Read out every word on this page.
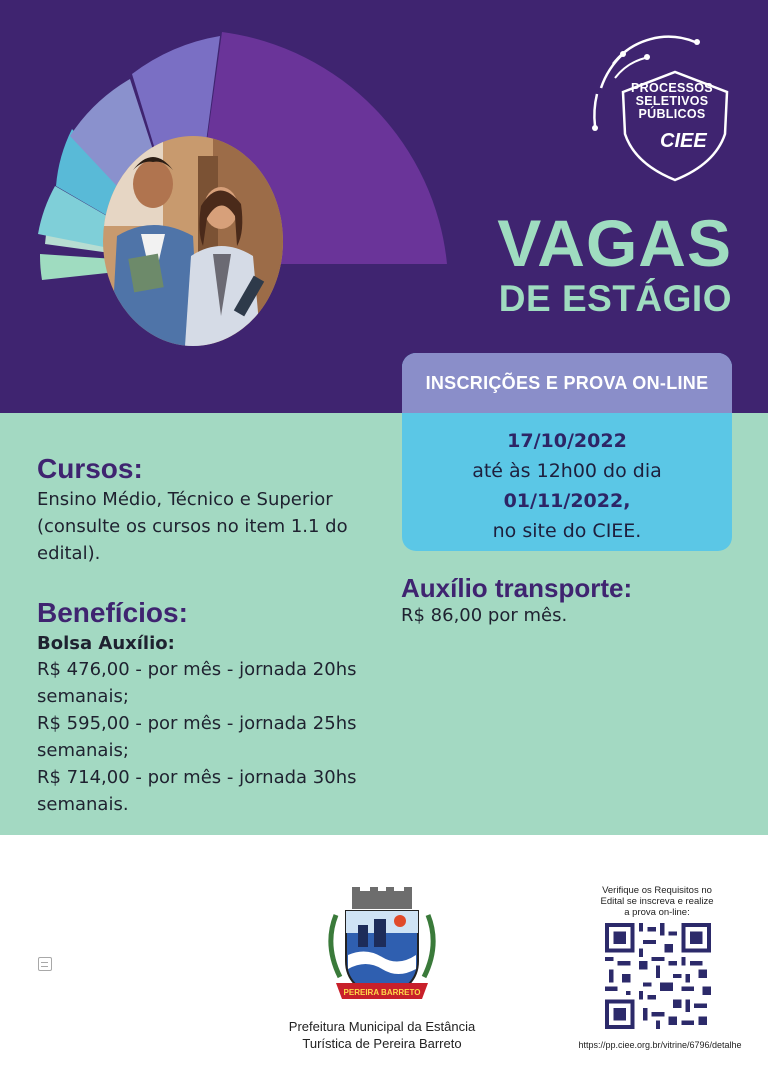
PROCESSOS
SELETIVOS
PÚBLICOS
CIEE
VAGAS
DE ESTÁGIO
INSCRIÇÕES E PROVA ON-LINE
17/10/2022
até às 12h00 do dia
01/11/2022,
no site do CIEE.
Cursos:
Ensino Médio, Técnico e Superior (consulte os cursos no item 1.1 do edital).
Benefícios:
Bolsa Auxílio:
R$ 476,00 - por mês - jornada 20hs semanais;
R$ 595,00 - por mês - jornada 25hs semanais;
R$ 714,00 - por mês - jornada 30hs semanais.
Auxílio transporte:
R$ 86,00 por mês.
PEREIRA BARRETO
Prefeitura Municipal da Estância
Turística de Pereira Barreto
Verifique os Requisitos no
Edital se inscreva e realize
a prova on-line:
https://pp.ciee.org.br/vitrine/6796/detalhe
